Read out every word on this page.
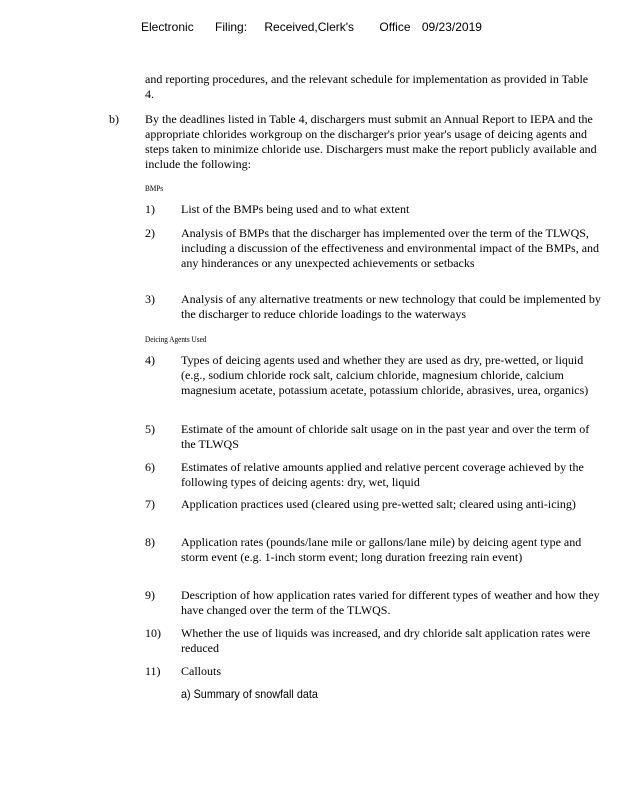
Electronic Filing: Received,Clerk's Office 09/23/2019
and reporting procedures, and the relevant schedule for implementation as provided in Table 4.
b) By the deadlines listed in Table 4, dischargers must submit an Annual Report to IEPA and the appropriate chlorides workgroup on the discharger's prior year's usage of deicing agents and steps taken to minimize chloride use. Dischargers must make the report publicly available and include the following:
BMPs
Deicing Agents Used
1) List of the BMPs being used and to what extent
2) Analysis of BMPs that the discharger has implemented over the term of the TLWQS, including a discussion of the effectiveness and environmental impact of the BMPs, and any hinderances or any unexpected achievements or setbacks
3) Analysis of any alternative treatments or new technology that could be implemented by the discharger to reduce chloride loadings to the waterways
4) Types of deicing agents used and whether they are used as dry, pre-wetted, or liquid (e.g., sodium chloride rock salt, calcium chloride, magnesium chloride, calcium magnesium acetate, potassium acetate, potassium chloride, abrasives, urea, organics)
5) Estimate of the amount of chloride salt usage on in the past year and over the term of the TLWQS
6) Estimates of relative amounts applied and relative percent coverage achieved by the following types of deicing agents: dry, wet, liquid
7) Application practices used (cleared using pre-wetted salt; cleared using anti-icing)
8) Application rates (pounds/lane mile or gallons/lane mile) by deicing agent type and storm event (e.g. 1-inch storm event; long duration freezing rain event)
9) Description of how application rates varied for different types of weather and how they have changed over the term of the TLWQS.
10) Whether the use of liquids was increased, and dry chloride salt application rates were reduced
11) Callouts
a) Summary of snowfall data
